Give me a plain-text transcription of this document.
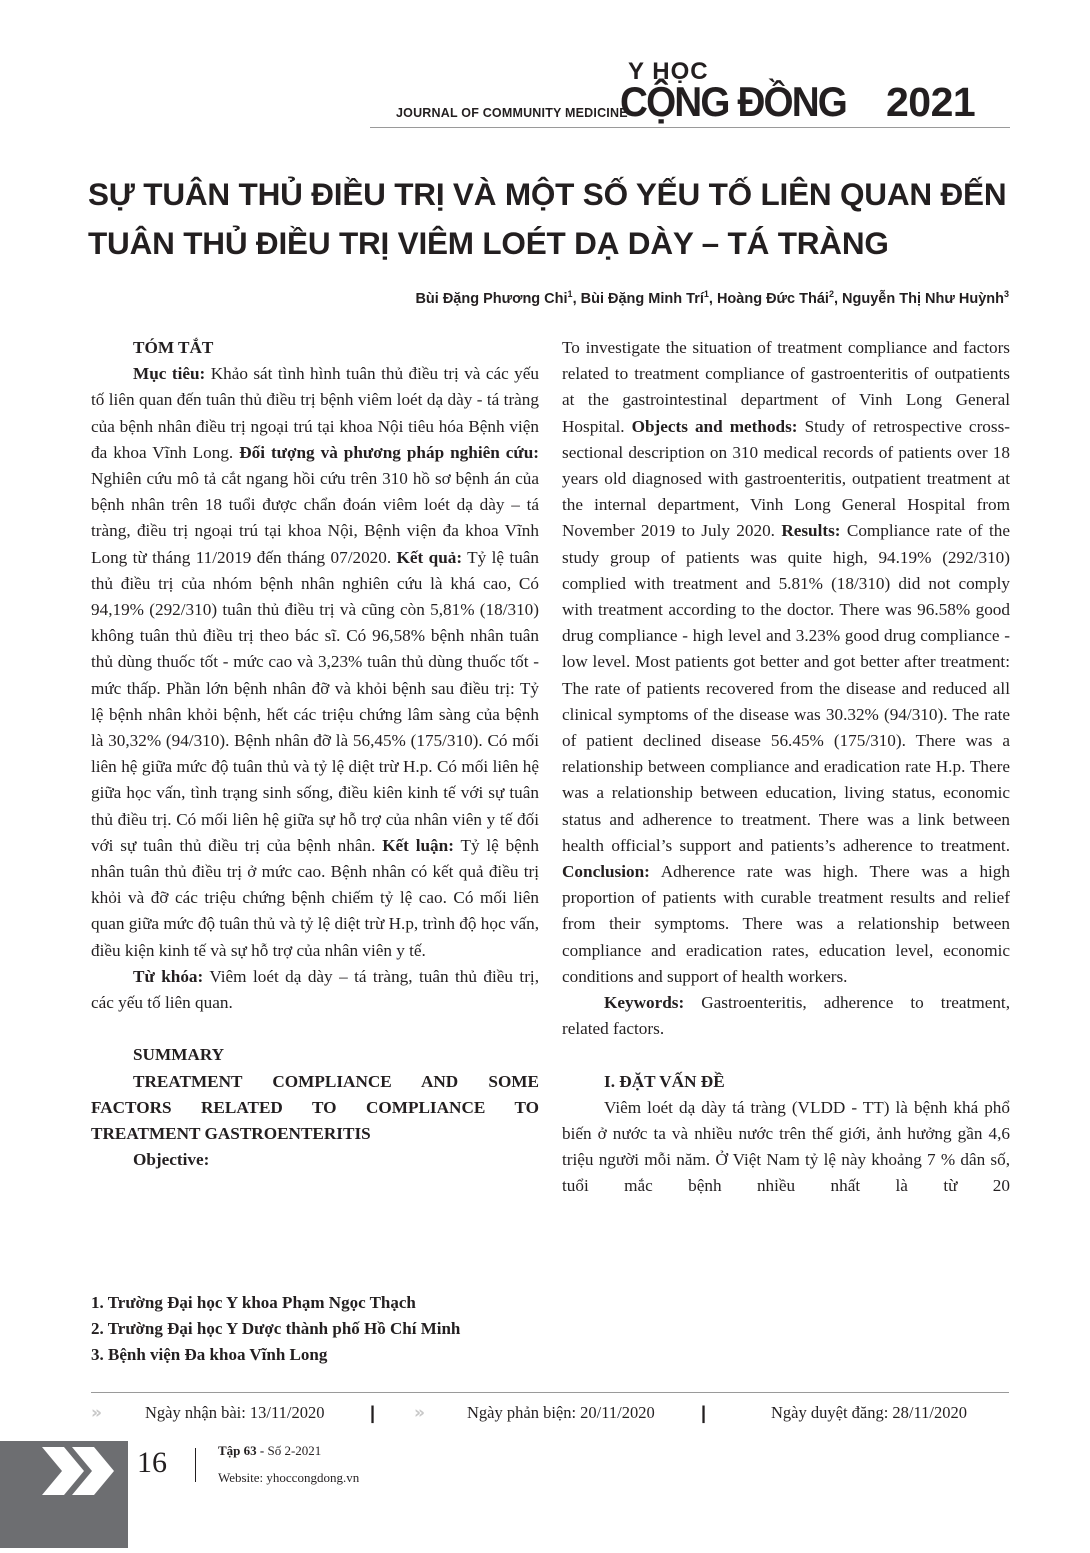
JOURNAL OF COMMUNITY MEDICINE
Y HỌC
CỘNG ĐỒNG 2021
SỰ TUÂN THỦ ĐIỀU TRỊ VÀ MỘT SỐ YẾU TỐ LIÊN QUAN ĐẾN
TUÂN THỦ ĐIỀU TRỊ VIÊM LOÉT DẠ DÀY – TÁ TRÀNG
Bùi Đặng Phương Chi$^1$, Bùi Đặng Minh Trí$^1$, Hoàng Đức Thái$^2$, Nguyễn Thị Như Huỳnh$^3$

TÓM TẮT

Mục tiêu: Khảo sát tình hình tuân thủ điều trị và các yếu tố liên quan đến tuân thủ điều trị bệnh viêm loét dạ dày - tá tràng của bệnh nhân điều trị ngoại trú tại khoa Nội tiêu hóa Bệnh viện đa khoa Vĩnh Long. Đối tượng và phương pháp nghiên cứu: Nghiên cứu mô tả cắt ngang hồi cứu trên 310 hồ sơ bệnh án của bệnh nhân trên 18 tuổi được chẩn đoán viêm loét dạ dày – tá tràng, điều trị ngoại trú tại khoa Nội, Bệnh viện đa khoa Vĩnh Long từ tháng 11/2019 đến tháng 07/2020. Kết quả: Tỷ lệ tuân thủ điều trị của nhóm bệnh nhân nghiên cứu là khá cao, Có 94,19% (292/310) tuân thủ điều trị và cũng còn 5,81% (18/310) không tuân thủ điều trị theo bác sĩ. Có 96,58% bệnh nhân tuân thủ dùng thuốc tốt - mức cao và 3,23% tuân thủ dùng thuốc tốt - mức thấp. Phần lớn bệnh nhân đỡ và khỏi bệnh sau điều trị: Tỷ lệ bệnh nhân khỏi bệnh, hết các triệu chứng lâm sàng của bệnh là 30,32% (94/310). Bệnh nhân đỡ là 56,45% (175/310). Có mối liên hệ giữa mức độ tuân thủ và tỷ lệ diệt trừ H.p. Có mối liên hệ giữa học vấn, tình trạng sinh sống, điều kiên kinh tế với sự tuân thủ điều trị. Có mối liên hệ giữa sự hỗ trợ của nhân viên y tế đối với sự tuân thủ điều trị của bệnh nhân. Kết luận: Tỷ lệ bệnh nhân tuân thủ điều trị ở mức cao. Bệnh nhân có kết quả điều trị khỏi và đỡ các triệu chứng bệnh chiếm tỷ lệ cao. Có mối liên quan giữa mức độ tuân thủ và tỷ lệ diệt trừ H.p, trình độ học vấn, điều kiện kinh tế và sự hỗ trợ của nhân viên y tế.

Từ khóa: Viêm loét dạ dày – tá tràng, tuân thủ điều trị, các yếu tố liên quan.

SUMMARY

TREATMENT COMPLIANCE AND SOME

FACTORS RELATED TO COMPLIANCE TO

TREATMENT GASTROENTERITIS

Objective:

To investigate the situation of treatment compliance and factors related to treatment compliance of gastroenteritis of outpatients at the gastrointestinal department of Vinh Long General Hospital. Objects and methods: Study of retrospective cross-sectional description on 310 medical records of patients over 18 years old diagnosed with gastroenteritis, outpatient treatment at the internal department, Vinh Long General Hospital from November 2019 to July 2020. Results: Compliance rate of the study group of patients was quite high, 94.19% (292/310) complied with treatment and 5.81% (18/310) did not comply with treatment according to the doctor. There was 96.58% good drug compliance - high level and 3.23% good drug compliance - low level. Most patients got better and got better after treatment: The rate of patients recovered from the disease and reduced all clinical symptoms of the disease was 30.32% (94/310). The rate of patient declined disease 56.45% (175/310). There was a relationship between compliance and eradication rate H.p. There was a relationship between education, living status, economic status and adherence to treatment. There was a link between health official’s support and patients’s adherence to treatment. Conclusion: Adherence rate was high. There was a high proportion of patients with curable treatment results and relief from their symptoms. There was a relationship between compliance and eradication rates, education level, economic conditions and support of health workers.

Keywords: Gastroenteritis, adherence to treatment, related factors.

I. ĐẶT VẤN ĐỀ

Viêm loét dạ dày tá tràng (VLDD - TT) là bệnh khá phổ biến ở nước ta và nhiều nước trên thế giới, ảnh hưởng gần 4,6 triệu người mỗi năm. Ở Việt Nam tỷ lệ này khoảng 7 % dân số, tuổi mắc bệnh nhiều nhất là từ 20

1. Trường Đại học Y khoa Phạm Ngọc Thạch
2. Trường Đại học Y Dược thành phố Hồ Chí Minh
3. Bệnh viện Đa khoa Vĩnh Long
››	Ngày nhận bài: 13/11/2020	| ››	Ngày phản biện: 20/11/2020	|	Ngày duyệt đăng: 28/11/2020
16	Tập 63 - Số 2-2021
Website: yhoccongdong.vn
